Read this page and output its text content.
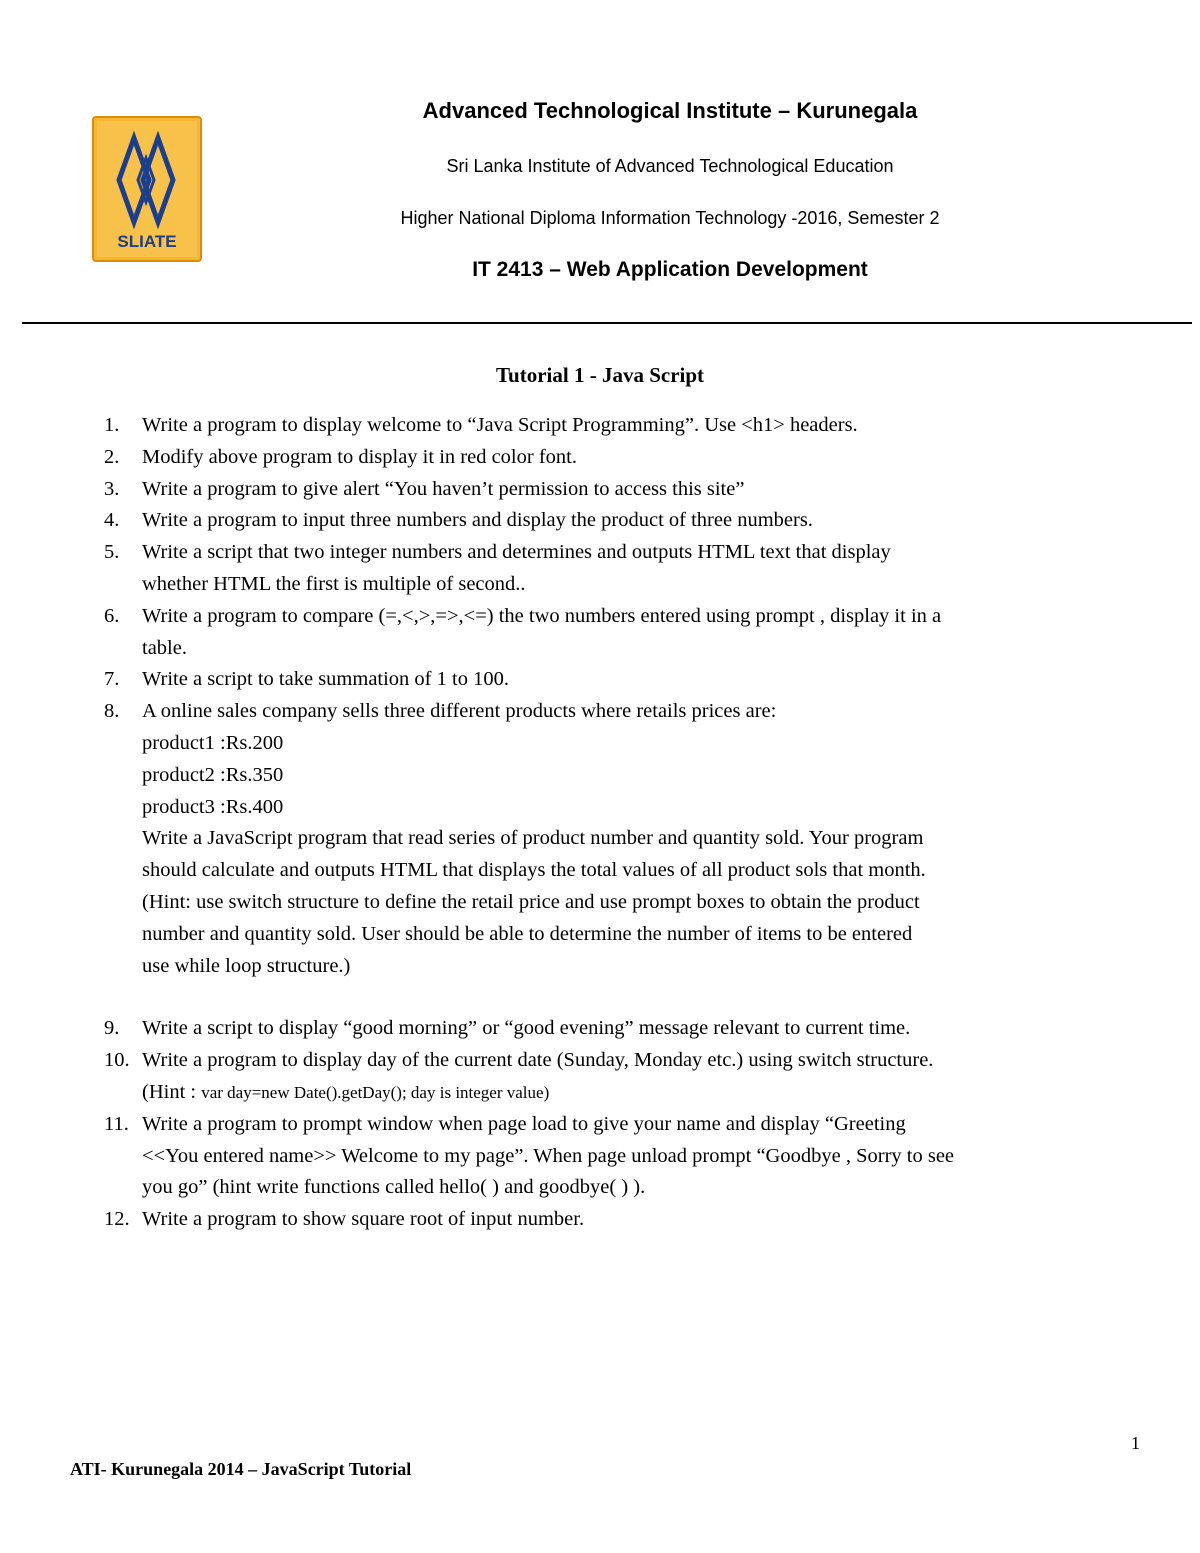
SLIATE
Advanced Technological Institute – Kurunegala
Sri Lanka Institute of Advanced Technological Education
Higher National Diploma Information Technology -2016, Semester 2
IT 2413 – Web Application Development
Tutorial 1 - Java Script
1.	Write a program to display welcome to “Java Script Programming”. Use <h1> headers.
2.	Modify above program to display it in red color font.
3.	Write a program to give alert “You haven’t permission to access this site”
4.	Write a program to input three numbers and display the product of three numbers.
5.	Write a script that two integer numbers and determines and outputs HTML text that display
whether HTML the first is multiple of second..
6.	Write a program to compare (=,<,>,=>,<=) the two numbers entered using prompt , display it in a
table.
7.	Write a script to take summation of 1 to 100.
8.	A online sales company sells three different products where retails prices are:
product1 :Rs.200
product2 :Rs.350
product3 :Rs.400
Write a JavaScript program that read series of product number and quantity sold. Your program
should calculate and outputs HTML that displays the total values of all product sols that month.
(Hint: use switch structure to define the retail price and use prompt boxes to obtain the product
number and quantity sold. User should be able to determine the number of items to be entered
use while loop structure.)
9.	Write a script to display “good morning” or “good evening” message relevant to current time.
10. Write a program to display day of the current date (Sunday, Monday etc.) using switch structure.
(Hint : var day=new Date().getDay(); day is integer value)
11. Write a program to prompt window when page load to give your name and display “Greeting
<<You entered name>> Welcome to my page”. When page unload prompt “Goodbye , Sorry to see
you go” (hint write functions called hello( ) and goodbye( ) ).
12. Write a program to show square root of input number.
1
ATI- Kurunegala 2014 – JavaScript Tutorial
